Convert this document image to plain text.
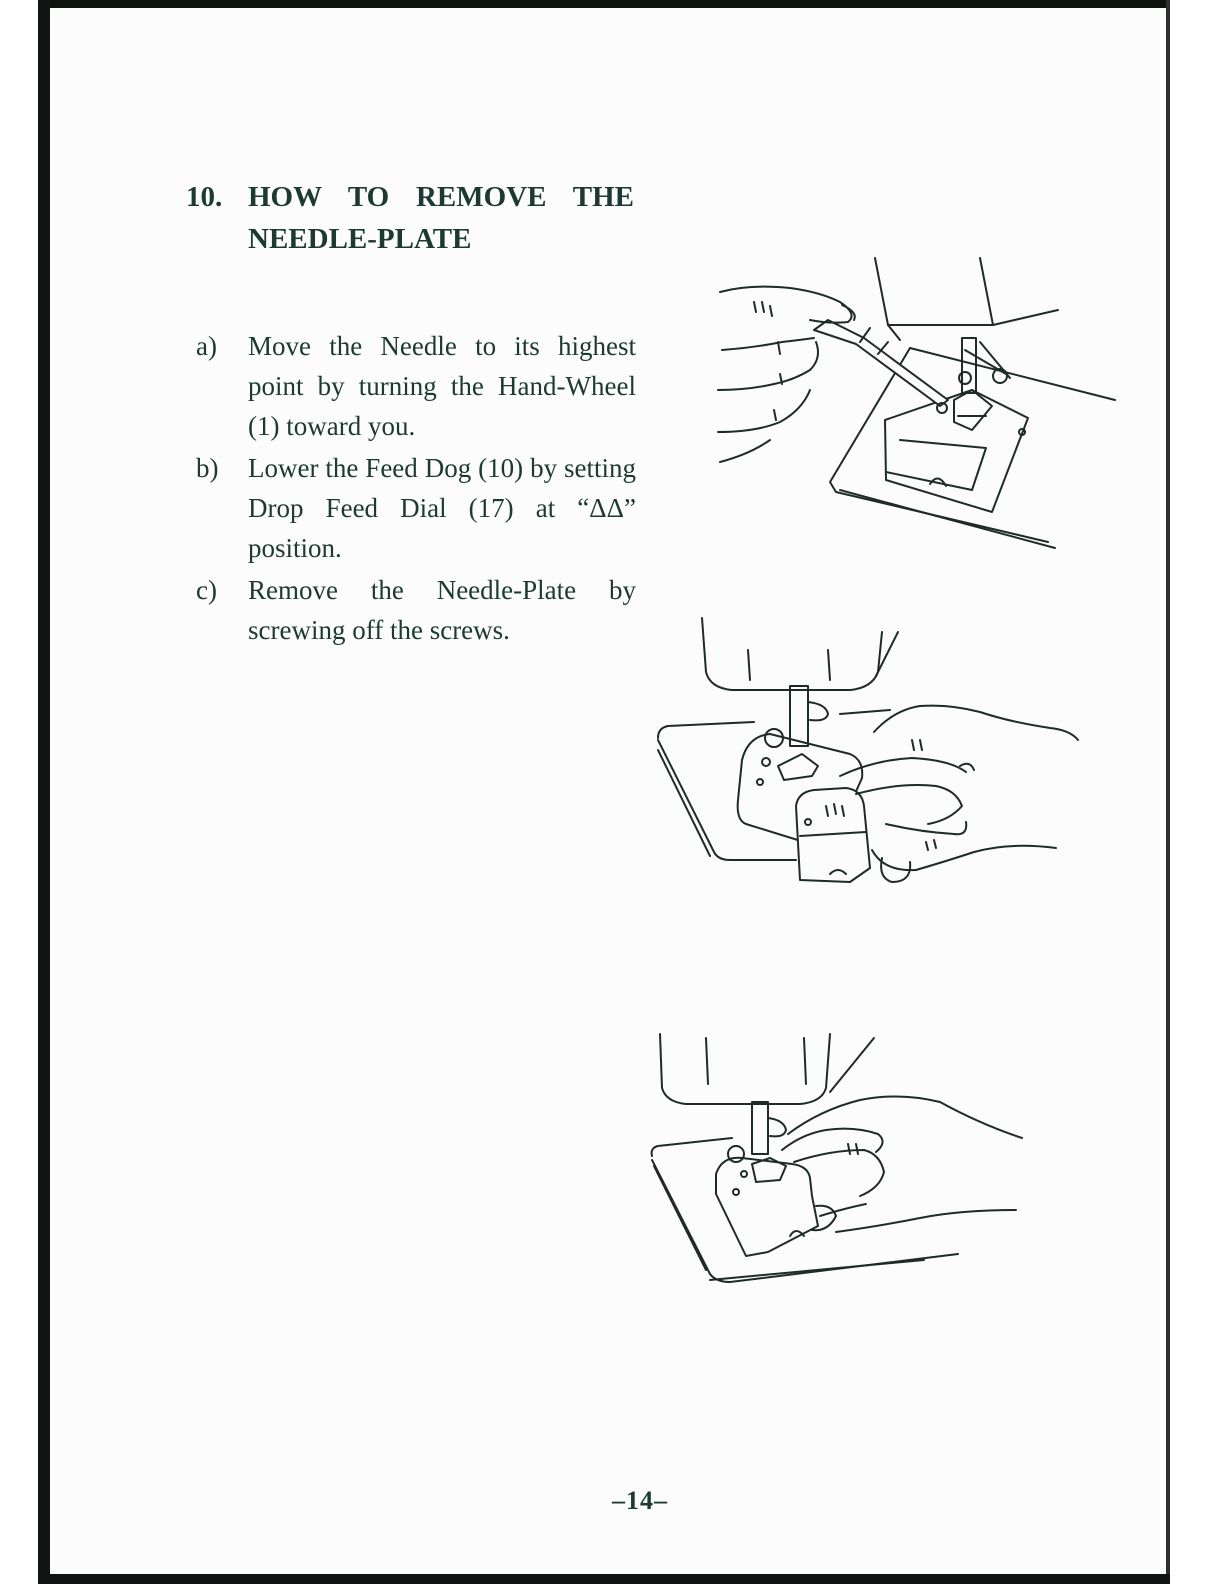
10. HOW TO REMOVE THE
NEEDLE-PLATE
a) Move the Needle to its highest point by turning the Hand-Wheel (1) toward you.
b) Lower the Feed Dog (10) by setting Drop Feed Dial (17) at “ΔΔ” position.
c) Remove the Needle-Plate by screwing off the screws.
–14–
